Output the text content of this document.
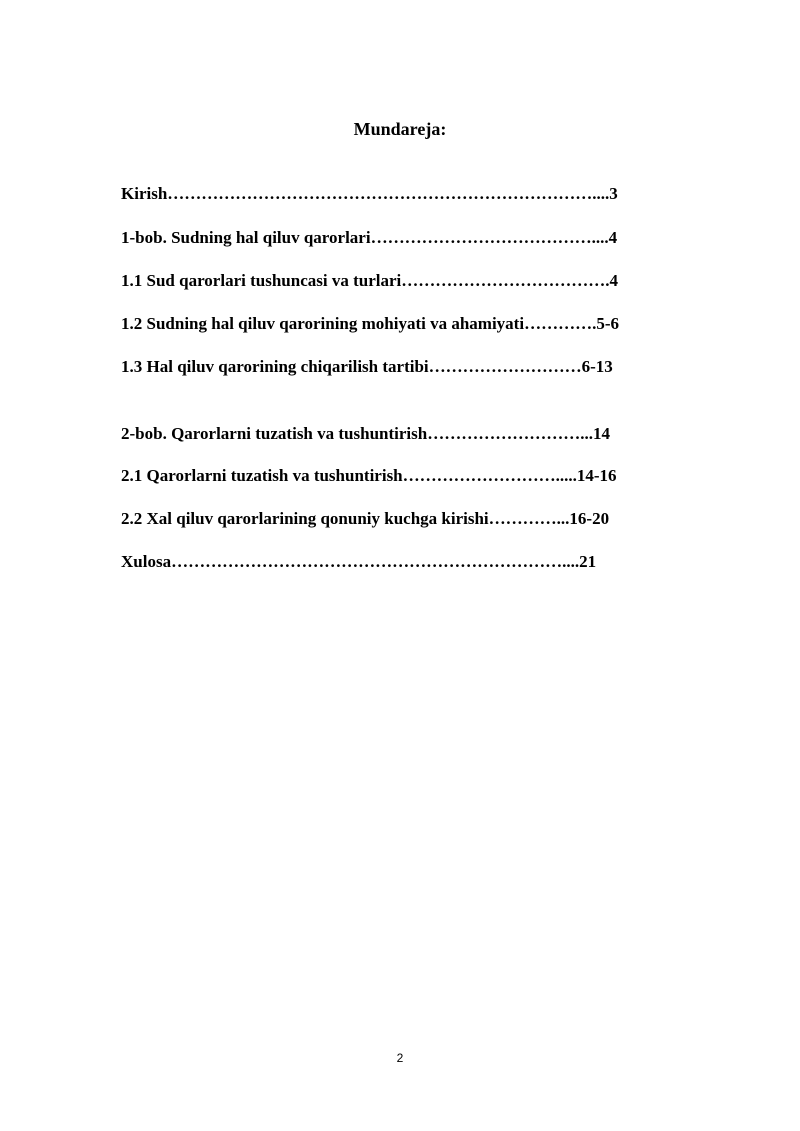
Mundareja:
Kirish…………………………………………………………………....3
1-bob. Sudning hal qiluv qarorlari…………………………………....4
1.1 Sud qarorlari tushuncasi va turlari……………………………….4
1.2 Sudning hal qiluv qarorining mohiyati va ahamiyati………….5-6
1.3 Hal qiluv qarorining chiqarilish tartibi………………………6-13
2-bob. Qarorlarni tuzatish va tushuntirish………………………...14
2.1 Qarorlarni tuzatish va tushuntirish……………………….....14-16
2.2 Xal qiluv qarorlarining qonuniy kuchga kirishi…………...16-20
Xulosa……………………………………………………………....21
2
